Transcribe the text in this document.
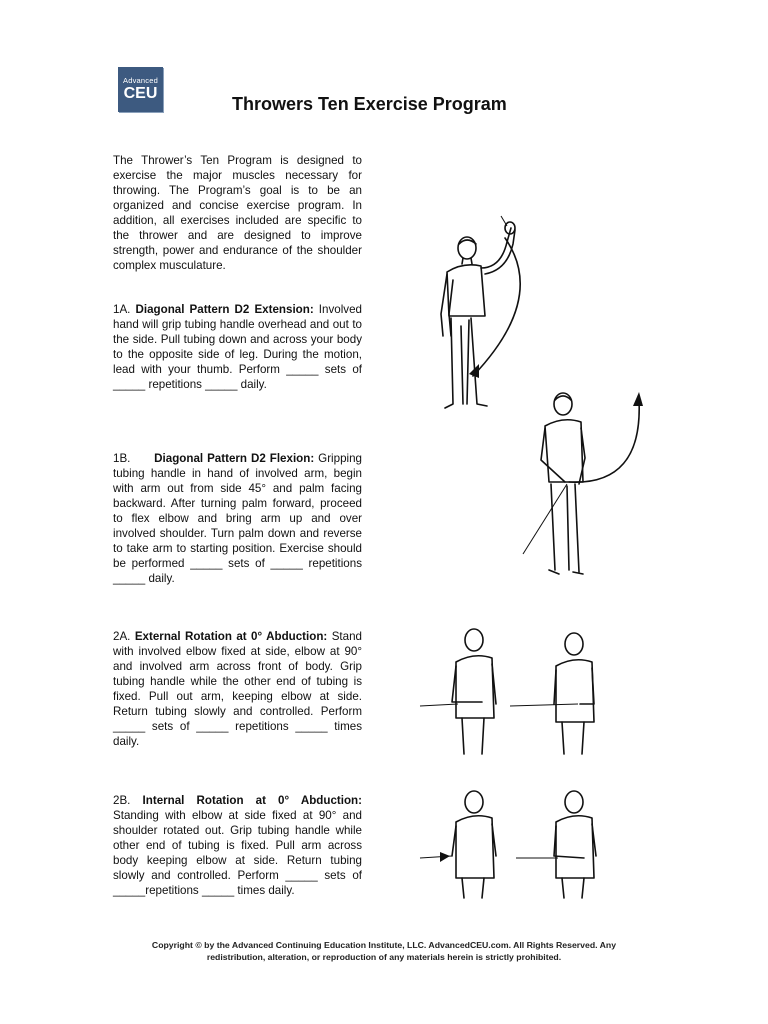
Advanced
CEU
Throwers Ten Exercise Program

The Thrower’s Ten Program is designed to exercise the major muscles necessary for throwing. The Program’s goal is to be an organized and concise exercise program. In addition, all exercises included are specific to the thrower and are designed to improve strength, power and endurance of the shoulder complex musculature.

1A. Diagonal Pattern D2 Extension: Involved hand will grip tubing handle overhead and out to the side. Pull tubing down and across your body to the opposite side of leg. During the motion, lead with your thumb. Perform _____ sets of _____ repetitions _____ daily.

1B. Diagonal Pattern D2 Flexion: Gripping tubing handle in hand of involved arm, begin with arm out from side 45° and palm facing backward. After turning palm forward, proceed to flex elbow and bring arm up and over involved shoulder. Turn palm down and reverse to take arm to starting position. Exercise should be performed _____ sets of _____ repetitions _____ daily.

2A. External Rotation at 0° Abduction: Stand with involved elbow fixed at side, elbow at 90° and involved arm across front of body. Grip tubing handle while the other end of tubing is fixed. Pull out arm, keeping elbow at side. Return tubing slowly and controlled. Perform _____ sets of _____ repetitions _____ times daily.

2B. Internal Rotation at 0° Abduction: Standing with elbow at side fixed at 90° and shoulder rotated out. Grip tubing handle while other end of tubing is fixed. Pull arm across body keeping elbow at side. Return tubing slowly and controlled. Perform _____ sets of _____repetitions _____ times daily.

Copyright © by the Advanced Continuing Education Institute, LLC. AdvancedCEU.com. All Rights Reserved. Any
redistribution, alteration, or reproduction of any materials herein is strictly prohibited.
